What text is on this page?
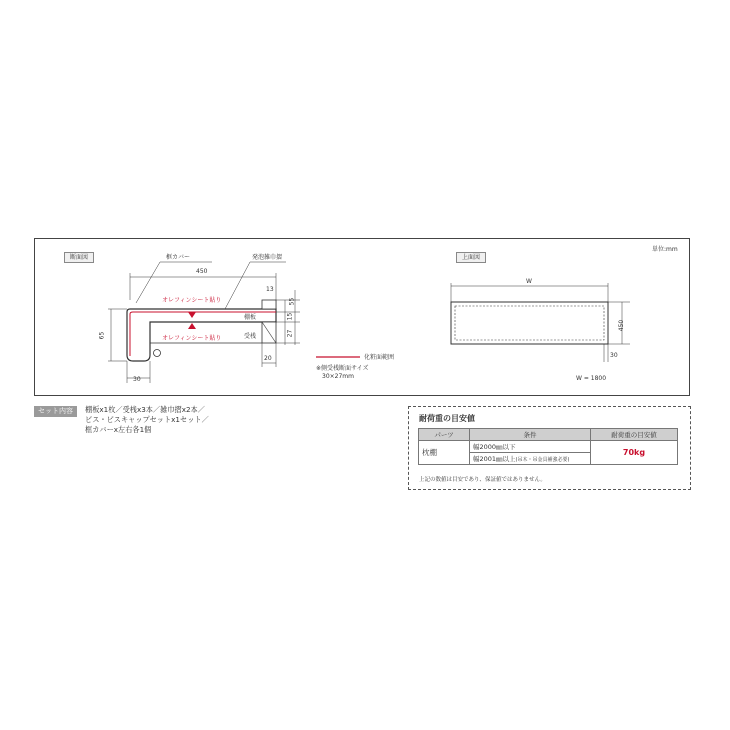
断面図	上面図
単位:mm
450
框カバー	発泡雑巾摺
オレフィンシート貼り
オレフィンシート貼り
棚板
受桟
13
55
15
27
65
20
30
化粧面範囲
※側受桟断面サイズ
30×27mm
W
450
30
W = 1800
セット内容	棚板x1枚／受桟x3本／雑巾摺x2本／
ビス・ビスキャップセットx1セット／
框カバーx左右各1個
耐荷重の目安値
パーツ	条件	耐荷重の目安値
枕棚	幅2000㎜以下	70kg
	幅2001㎜以上(吊木・吊金具補強必要)	
上記の数値は目安であり、保証値ではありません。
